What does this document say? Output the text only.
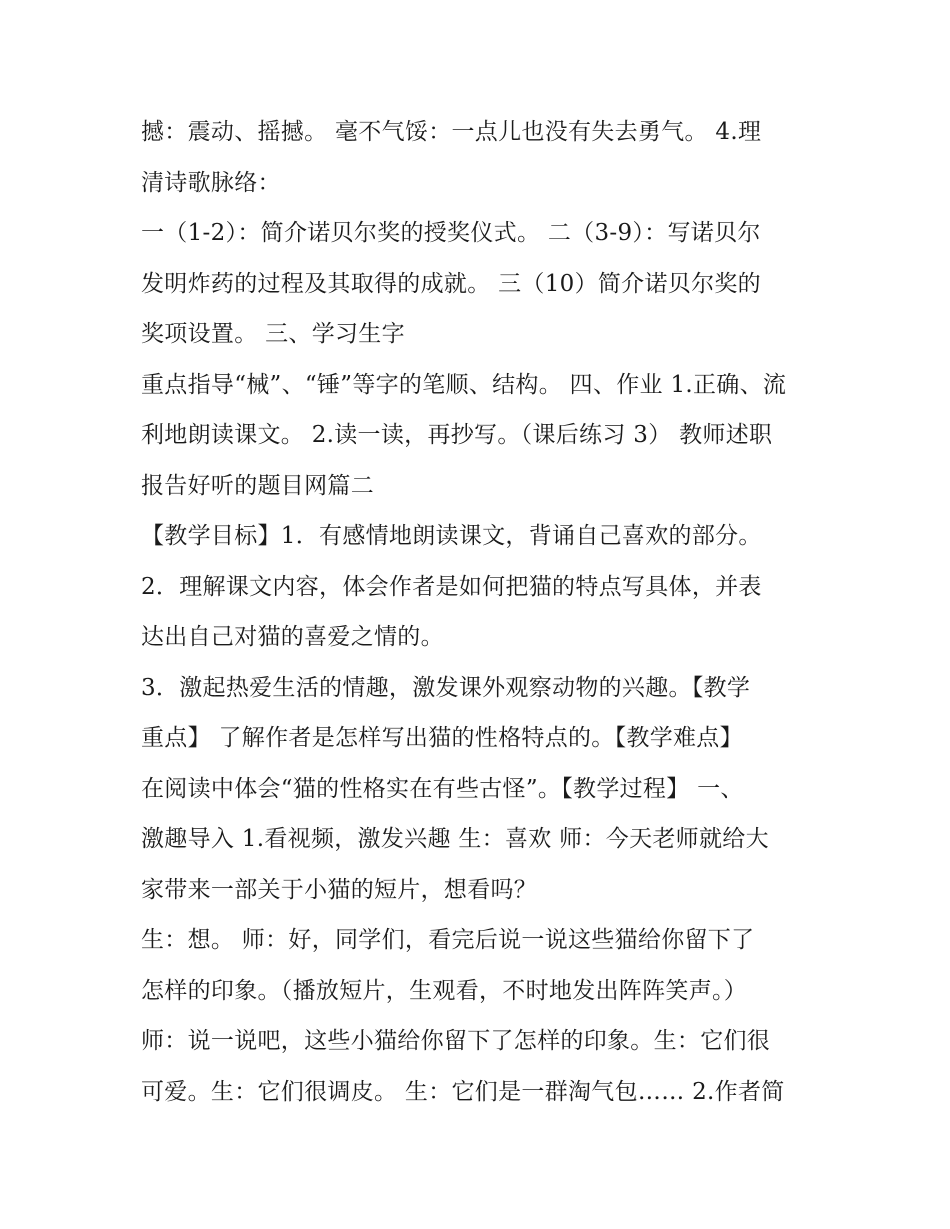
撼：震动、摇撼。 毫不气馁：一点儿也没有失去勇气。 4.理
清诗歌脉络：
一（1-2）：简介诺贝尔奖的授奖仪式。 二（3-9）：写诺贝尔
发明炸药的过程及其取得的成就。 三（10）简介诺贝尔奖的
奖项设置。 三、学习生字
重点指导“械”、“锤”等字的笔顺、结构。 四、作业 1.正确、流
利地朗读课文。 2.读一读，再抄写。（课后练习 3） 教师述职
报告好听的题目网篇二
【教学目标】1．有感情地朗读课文，背诵自己喜欢的部分。
2．理解课文内容，体会作者是如何把猫的特点写具体，并表
达出自己对猫的喜爱之情的。
3．激起热爱生活的情趣，激发课外观察动物的兴趣。【教学
重点】 了解作者是怎样写出猫的性格特点的。【教学难点】
在阅读中体会“猫的性格实在有些古怪”。【教学过程】 一、
激趣导入 1.看视频，激发兴趣 生：喜欢 师：今天老师就给大
家带来一部关于小猫的短片，想看吗？
生：想。 师：好，同学们，看完后说一说这些猫给你留下了
怎样的印象。（播放短片，生观看，不时地发出阵阵笑声。）
师：说一说吧，这些小猫给你留下了怎样的印象。生：它们很
可爱。生：它们很调皮。 生：它们是一群淘气包…… 2.作者简
